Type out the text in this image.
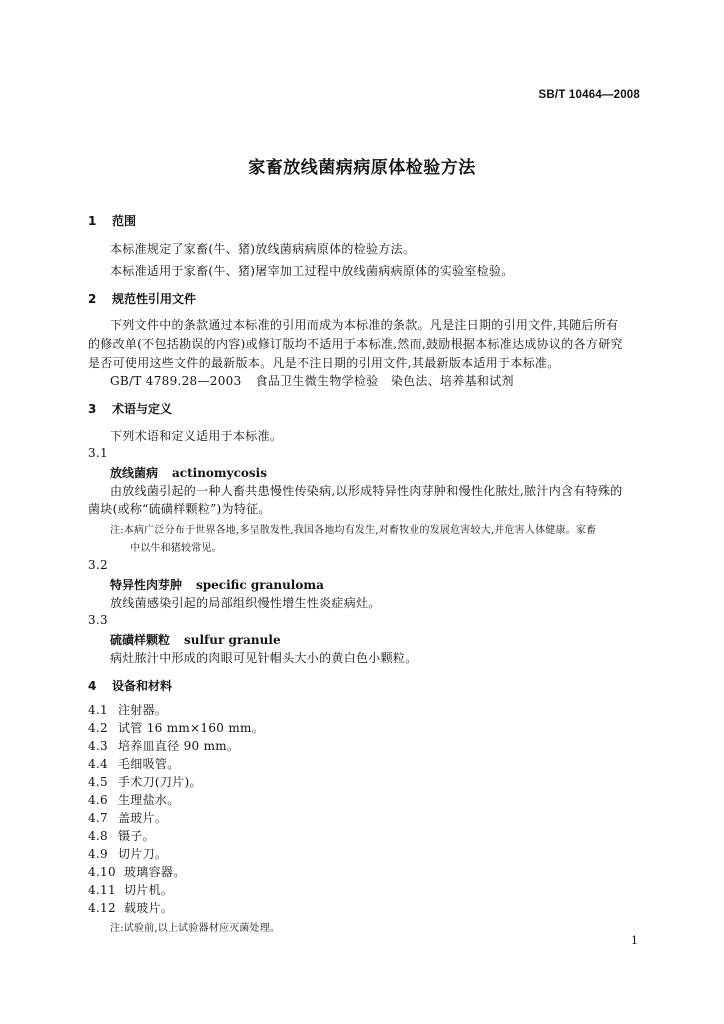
SB/T 10464—2008
家畜放线菌病病原体检验方法
1 范围
本标准规定了家畜(牛、猪)放线菌病病原体的检验方法。
本标准适用于家畜(牛、猪)屠宰加工过程中放线菌病病原体的实验室检验。
2 规范性引用文件
下列文件中的条款通过本标准的引用而成为本标准的条款。凡是注日期的引用文件,其随后所有
的修改单(不包括勘误的内容)或修订版均不适用于本标准,然而,鼓励根据本标准达成协议的各方研究
是否可使用这些文件的最新版本。凡是不注日期的引用文件,其最新版本适用于本标准。
GB/T 4789.28—2003 食品卫生微生物学检验　染色法、培养基和试剂
3 术语与定义
下列术语和定义适用于本标准。
3.1
放线菌病 actinomycosis
由放线菌引起的一种人畜共患慢性传染病,以形成特异性肉芽肿和慢性化脓灶,脓汁内含有特殊的
菌块(或称“硫磺样颗粒”)为特征。
注:本病广泛分布于世界各地,多呈散发性,我国各地均有发生,对畜牧业的发展危害较大,并危害人体健康。家畜
中以牛和猪较常见。
3.2
特异性肉芽肿 specific granuloma
放线菌感染引起的局部组织慢性增生性炎症病灶。
3.3
硫磺样颗粒 sulfur granule
病灶脓汁中形成的肉眼可见针帽头大小的黄白色小颗粒。
4 设备和材料
4.1 注射器。
4.2 试管 16 mm×160 mm。
4.3 培养皿直径 90 mm。
4.4 毛细吸管。
4.5 手术刀(刀片)。
4.6 生理盐水。
4.7 盖玻片。
4.8 镊子。
4.9 切片刀。
4.10 玻璃容器。
4.11 切片机。
4.12 载玻片。
注:试验前,以上试验器材应灭菌处理。
1
